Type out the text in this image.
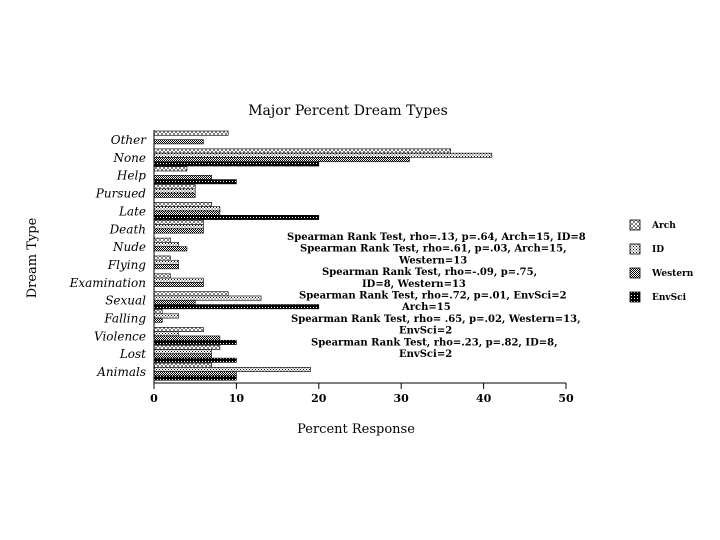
Major Percent Dream Types
Other
None
Help
Pursued
Late
Death
Nude
Flying
Examination
Sexual
Falling
Violence
Lost
Animals
0	10	20	30	40	50
Percent Response
Dream Type	Spearman Rank Test, rho=.13, p=.64, Arch=15, ID=8
Spearman Rank Test, rho=.61, p=.03, Arch=15,
Western=13
Spearman Rank Test, rho=-.09, p=.75,
ID=8, Western=13
Spearman Rank Test, rho=.72, p=.01, EnvSci=2
Arch=15
Spearman Rank Test, rho= .65, p=.02, Western=13,
EnvSci=2
Spearman Rank Test, rho=.23, p=.82, ID=8,
EnvSci=2
Arch
ID
Western
EnvSci
